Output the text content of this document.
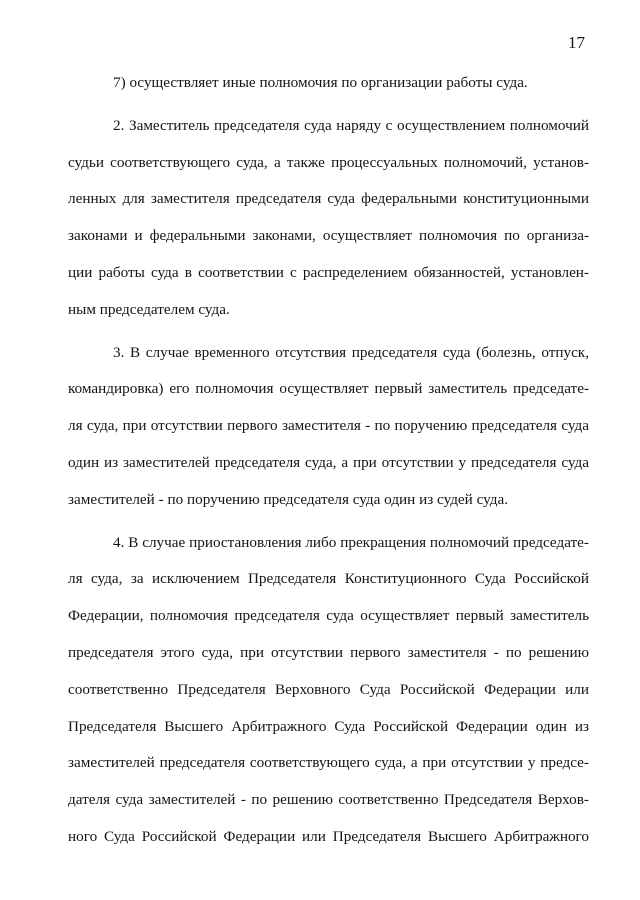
17
7) осуществляет иные полномочия по организации работы суда.
2. Заместитель председателя суда наряду с осуществлением полномочий
судьи соответствующего суда, а также процессуальных полномочий, установ-
ленных для заместителя председателя суда федеральными конституционными
законами и федеральными законами, осуществляет полномочия по организа-
ции работы суда в соответствии с распределением обязанностей, установлен-
ным председателем суда.
3. В случае временного отсутствия председателя суда (болезнь, отпуск,
командировка) его полномочия осуществляет первый заместитель председате-
ля суда, при отсутствии первого заместителя - по поручению председателя суда
один из заместителей председателя суда, а при отсутствии у председателя суда
заместителей - по поручению председателя суда один из судей суда.
4. В случае приостановления либо прекращения полномочий председате-
ля суда, за исключением Председателя Конституционного Суда Российской
Федерации, полномочия председателя суда осуществляет первый заместитель
председателя этого суда, при отсутствии первого заместителя - по решению
соответственно Председателя Верховного Суда Российской Федерации или
Председателя Высшего Арбитражного Суда Российской Федерации один из
заместителей председателя соответствующего суда, а при отсутствии у предсе-
дателя суда заместителей - по решению соответственно Председателя Верхов-
ного Суда Российской Федерации или Председателя Высшего Арбитражного
